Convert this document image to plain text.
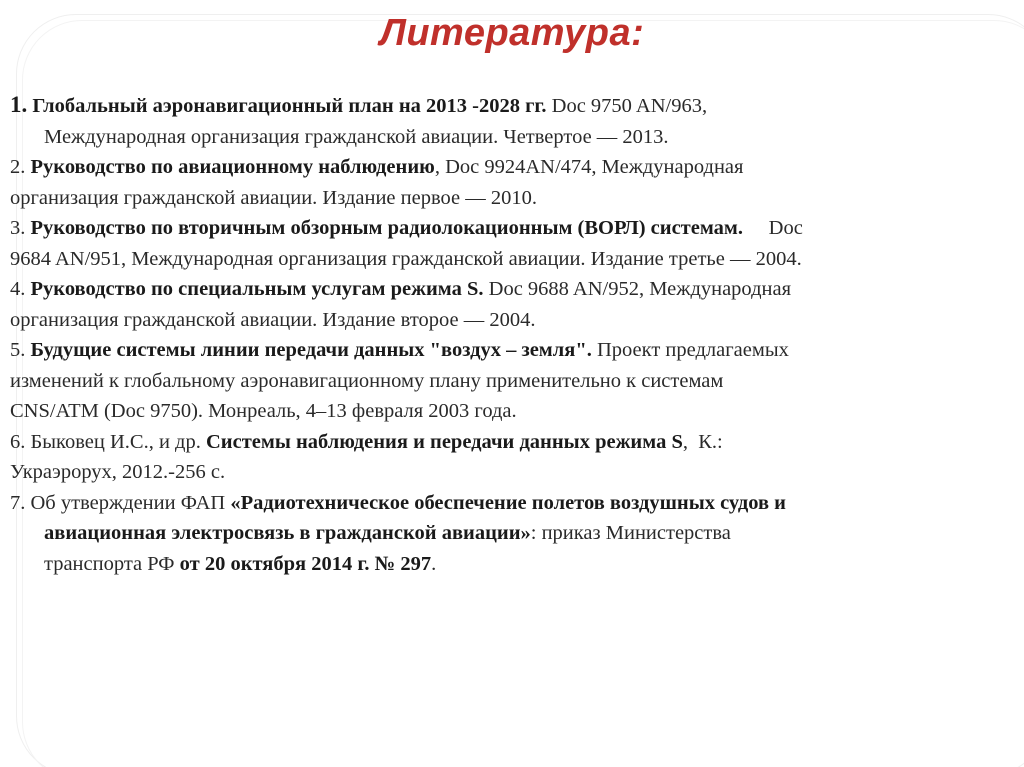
Литература:
1. Глобальный аэронавигационный план на 2013 -2028 гг. Doc 9750 AN/963,
Международная организация гражданской авиации. Четвертое — 2013.
2. Руководство по авиационному наблюдению, Doc 9924AN/474, Международная
организация гражданской авиации. Издание первое — 2010.
3. Руководство по вторичным обзорным радиолокационным (ВОРЛ) системам.     Doc
9684 AN/951, Международная организация гражданской авиации. Издание третье — 2004.
4. Руководство по специальным услугам режима S. Doc 9688 AN/952, Международная
организация гражданской авиации. Издание второе — 2004.
5. Будущие системы линии передачи данных "воздух – земля". Проект предлагаемых
изменений к глобальному аэронавигационному плану применительно к системам
CNS/ATM (Doc 9750). Монреаль, 4–13 февраля 2003 года.
6. Быковец И.С., и др. Системы наблюдения и передачи данных режима S,  К.:
Украэрорух, 2012.-256 с.
7. Об утверждении ФАП «Радиотехническое обеспечение полетов воздушных судов и
авиационная электросвязь в гражданской авиации»: приказ Министерства
транспорта РФ от 20 октября 2014 г. № 297.
